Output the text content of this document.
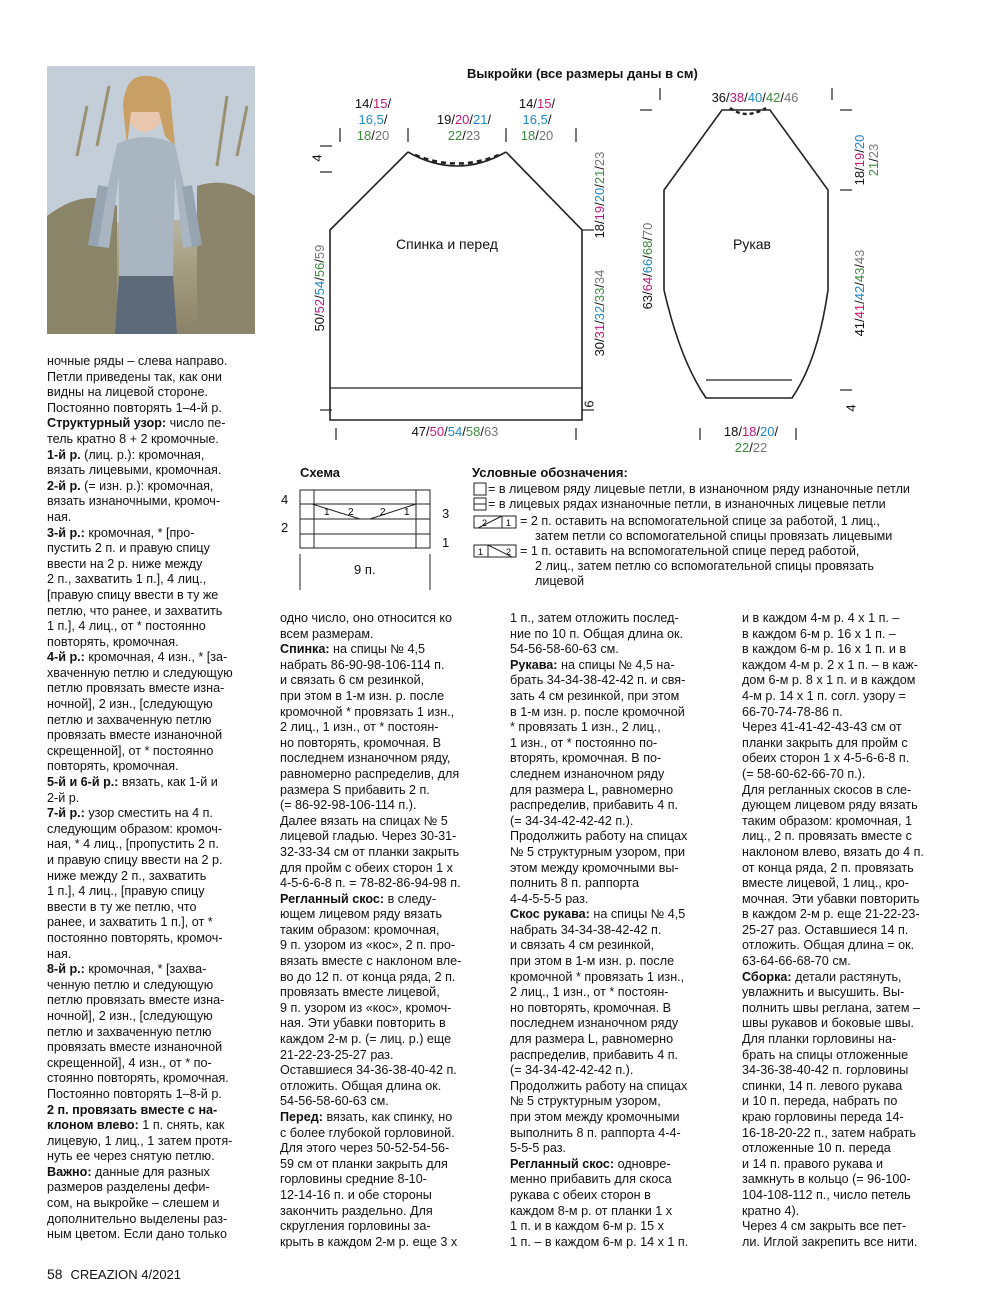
Выкройки (все размеры даны в см)
14/15/
16,5/
18/20
19/20/21/
22/23
14/15/
16,5/
18/20
4
50/52/54/56/59
18/19/20/21/23
30/31/32/33/34
6
Спинка и перед
47/50/54/58/63
36/38/40/42/46
Рукав
63/64/66/68/70
18/19/20
21/23
41/41/42/43/43
4
18/18/20/
22/22
Схема
1 2	2 1
4
2
3
1
9 п.
Условные обозначения:
2 1
1	2
= в лицевом ряду лицевые петли, в изнаночном ряду изнаночные петли
= в лицевых рядах изнаночные петли, в изнаночных лицевые петли
= 2 п. оставить на вспомогательной спице за работой, 1 лиц.,
затем петли со вспомогательной спицы провязать лицевыми
= 1 п. оставить на вспомогательной спице перед работой,
2 лиц., затем петлю со вспомогательной спицы провязать
лицевой

ночные ряды – слева направо.

Петли приведены так, как они

видны на лицевой стороне.

Постоянно повторять 1–4-й р.

Структурный узор: число пе-

тель кратно 8 + 2 кромочные.

1-й р. (лиц. р.): кромочная,

вязать лицевыми, кромочная.

2-й р. (= изн. р.): кромочная,

вязать изнаночными, кромоч-

ная.

3-й р.: кромочная, * [про-

пустить 2 п. и правую спицу

ввести на 2 р. ниже между

2 п., захватить 1 п.], 4 лиц.,

[правую спицу ввести в ту же

петлю, что ранее, и захватить

1 п.], 4 лиц., от * постоянно

повторять, кромочная.

4-й р.: кромочная, 4 изн., * [за-

хваченную петлю и следующую

петлю провязать вместе изна-

ночной], 2 изн., [следующую

петлю и захваченную петлю

провязать вместе изнаночной

скрещенной], от * постоянно

повторять, кромочная.

5-й и 6-й р.: вязать, как 1-й и

2-й р.

7-й р.: узор сместить на 4 п.

следующим образом: кромоч-

ная, * 4 лиц., [пропустить 2 п.

и правую спицу ввести на 2 р.

ниже между 2 п., захватить

1 п.], 4 лиц., [правую спицу

ввести в ту же петлю, что

ранее, и захватить 1 п.], от *

постоянно повторять, кромоч-

ная.

8-й р.: кромочная, * [захва-

ченную петлю и следующую

петлю провязать вместе изна-

ночной], 2 изн., [следующую

петлю и захваченную петлю

провязать вместе изнаночной

скрещенной], 4 изн., от * по-

стоянно повторять, кромочная.

Постоянно повторять 1–8-й р.

2 п. провязать вместе с на-

клоном влево: 1 п. снять, как

лицевую, 1 лиц., 1 затем протя-

нуть ее через снятую петлю.

Важно: данные для разных

размеров разделены дефи-

сом, на выкройке – слешем и

дополнительно выделены раз-

ным цветом. Если дано только

одно число, оно относится ко

всем размерам.

Спинка: на спицы № 4,5

набрать 86-90-98-106-114 п.

и связать 6 см резинкой,

при этом в 1-м изн. р. после

кромочной * провязать 1 изн.,

2 лиц., 1 изн., от * постоян-

но повторять, кромочная. В

последнем изнаночном ряду,

равномерно распределив, для

размера S прибавить 2 п.

(= 86-92-98-106-114 п.).

Далее вязать на спицах № 5

лицевой гладью. Через 30-31-

32-33-34 см от планки закрыть

для пройм с обеих сторон 1 х

4-5-6-6-8 п. = 78-82-86-94-98 п.

Регланный скос: в следу-

ющем лицевом ряду вязать

таким образом: кромочная,

9 п. узором из «кос», 2 п. про-

вязать вместе с наклоном вле-

во до 12 п. от конца ряда, 2 п.

провязать вместе лицевой,

9 п. узором из «кос», кромоч-

ная. Эти убавки повторить в

каждом 2-м р. (= лиц. р.) еще

21-22-23-25-27 раз.

Оставшиеся 34-36-38-40-42 п.

отложить. Общая длина ок.

54-56-58-60-63 см.

Перед: вязать, как спинку, но

с более глубокой горловиной.

Для этого через 50-52-54-56-

59 см от планки закрыть для

горловины средние 8-10-

12-14-16 п. и обе стороны

закончить раздельно. Для

скругления горловины за-

крыть в каждом 2-м р. еще 3 х

1 п., затем отложить послед-

ние по 10 п. Общая длина ок.

54-56-58-60-63 см.

Рукава: на спицы № 4,5 на-

брать 34-34-38-42-42 п. и свя-

зать 4 см резинкой, при этом

в 1-м изн. р. после кромочной

* провязать 1 изн., 2 лиц.,

1 изн., от * постоянно по-

вторять, кромочная. В по-

следнем изнаночном ряду

для размера L, равномерно

распределив, прибавить 4 п.

(= 34-34-42-42-42 п.).

Продолжить работу на спицах

№ 5 структурным узором, при

этом между кромочными вы-

полнить 8 п. раппорта

4-4-5-5-5 раз.

Скос рукава: на спицы № 4,5

набрать 34-34-38-42-42 п.

и связать 4 см резинкой,

при этом в 1-м изн. р. после

кромочной * провязать 1 изн.,

2 лиц., 1 изн., от * постоян-

но повторять, кромочная. В

последнем изнаночном ряду

для размера L, равномерно

распределив, прибавить 4 п.

(= 34-34-42-42-42 п.).

Продолжить работу на спицах

№ 5 структурным узором,

при этом между кромочными

выполнить 8 п. раппорта 4-4-

5-5-5 раз.

Регланный скос: одновре-

менно прибавить для скоса

рукава с обеих сторон в

каждом 8-м р. от планки 1 х

1 п. и в каждом 6-м р. 15 х

1 п. – в каждом 6-м р. 14 х 1 п.

и в каждом 4-м р. 4 х 1 п. –

в каждом 6-м р. 16 х 1 п. –

в каждом 6-м р. 16 х 1 п. и в

каждом 4-м р. 2 х 1 п. – в каж-

дом 6-м р. 8 х 1 п. и в каждом

4-м р. 14 х 1 п. согл. узору =

66-70-74-78-86 п.

Через 41-41-42-43-43 см от

планки закрыть для пройм с

обеих сторон 1 х 4-5-6-6-8 п.

(= 58-60-62-66-70 п.).

Для регланных скосов в сле-

дующем лицевом ряду вязать

таким образом: кромочная, 1

лиц., 2 п. провязать вместе с

наклоном влево, вязать до 4 п.

от конца ряда, 2 п. провязать

вместе лицевой, 1 лиц., кро-

мочная. Эти убавки повторить

в каждом 2-м р. еще 21-22-23-

25-27 раз. Оставшиеся 14 п.

отложить. Общая длина = ок.

63-64-66-68-70 см.

Сборка: детали растянуть,

увлажнить и высушить. Вы-

полнить швы реглана, затем –

швы рукавов и боковые швы.

Для планки горловины на-

брать на спицы отложенные

34-36-38-40-42 п. горловины

спинки, 14 п. левого рукава

и 10 п. переда, набрать по

краю горловины переда 14-

16-18-20-22 п., затем набрать

отложенные 10 п. переда

и 14 п. правого рукава и

замкнуть в кольцо (= 96-100-

104-108-112 п., число петель

кратно 4).

Через 4 см закрыть все пет-

ли. Иглой закрепить все нити.

58 CREAZION 4/2021
